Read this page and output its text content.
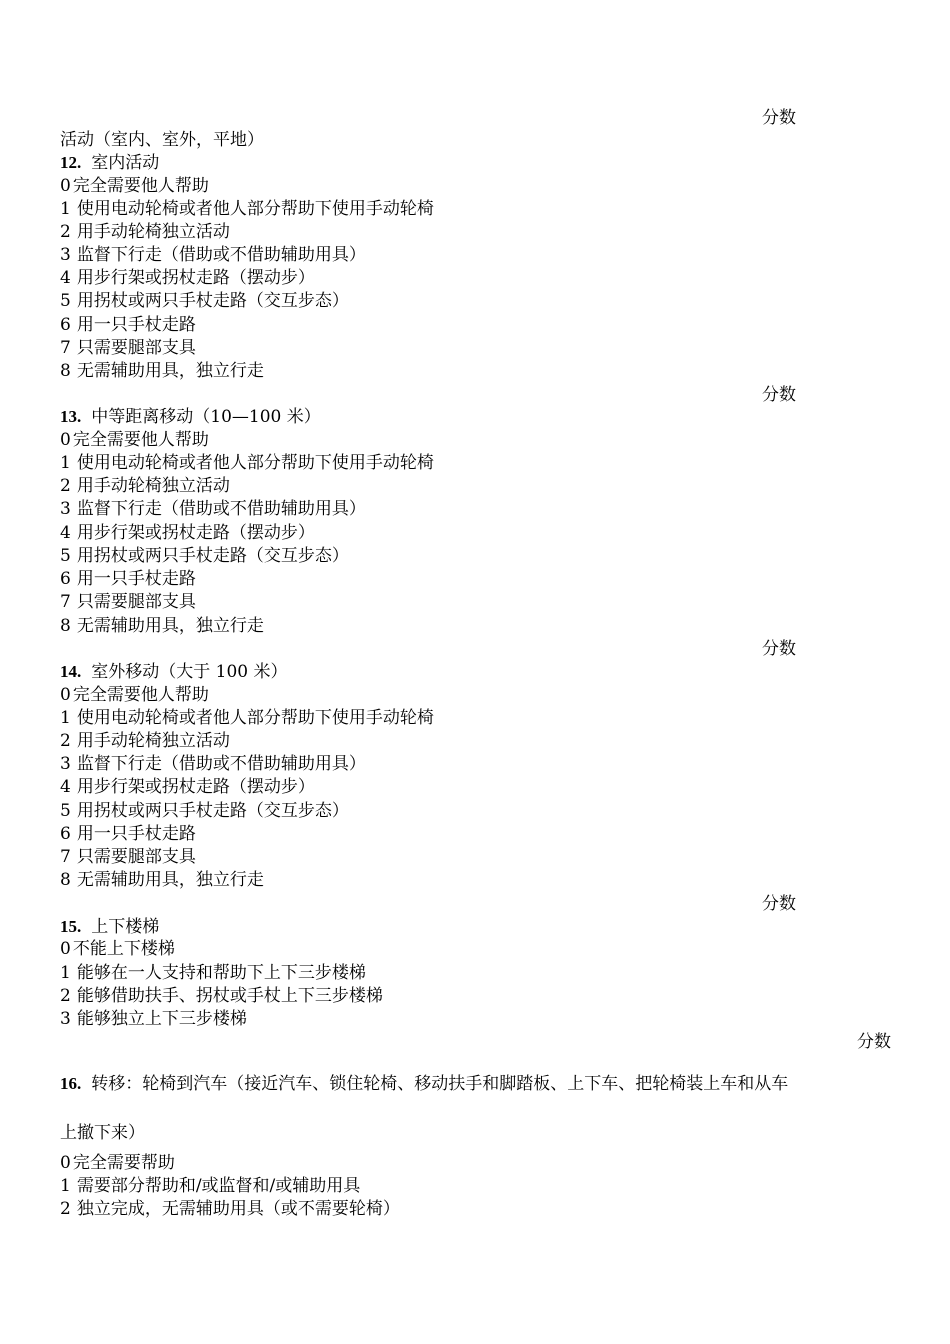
分数
活动（室内、室外，平地）
12. 室内活动
0 完全需要他人帮助
1 使用电动轮椅或者他人部分帮助下使用手动轮椅
2 用手动轮椅独立活动
3 监督下行走（借助或不借助辅助用具）
4 用步行架或拐杖走路（摆动步）
5 用拐杖或两只手杖走路（交互步态）
6 用一只手杖走路
7 只需要腿部支具
8 无需辅助用具，独立行走
分数
13. 中等距离移动（10—100 米）
0 完全需要他人帮助
1 使用电动轮椅或者他人部分帮助下使用手动轮椅
2 用手动轮椅独立活动
3 监督下行走（借助或不借助辅助用具）
4 用步行架或拐杖走路（摆动步）
5 用拐杖或两只手杖走路（交互步态）
6 用一只手杖走路
7 只需要腿部支具
8 无需辅助用具，独立行走
分数
14. 室外移动（大于 100 米）
0 完全需要他人帮助
1 使用电动轮椅或者他人部分帮助下使用手动轮椅
2 用手动轮椅独立活动
3 监督下行走（借助或不借助辅助用具）
4 用步行架或拐杖走路（摆动步）
5 用拐杖或两只手杖走路（交互步态）
6 用一只手杖走路
7 只需要腿部支具
8 无需辅助用具，独立行走
分数
15. 上下楼梯
0 不能上下楼梯
1 能够在一人支持和帮助下上下三步楼梯
2 能够借助扶手、拐杖或手杖上下三步楼梯
3 能够独立上下三步楼梯
分数
16. 转移：轮椅到汽车（接近汽车、锁住轮椅、移动扶手和脚踏板、上下车、把轮椅装上车和从车
上撤下来）
0 完全需要帮助
1 需要部分帮助和/或监督和/或辅助用具
2 独立完成，无需辅助用具（或不需要轮椅）
